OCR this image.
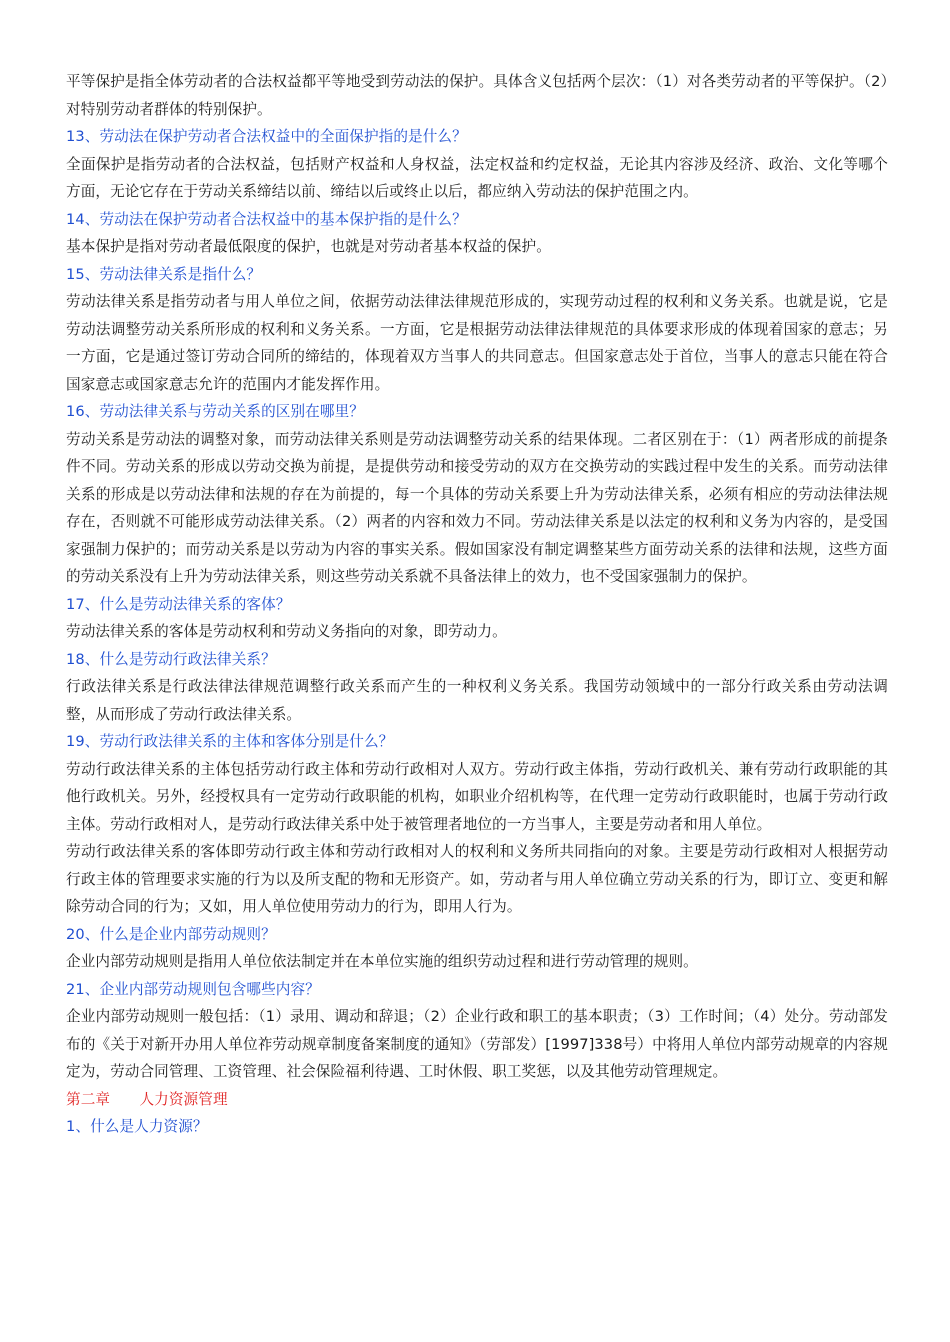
平等保护是指全体劳动者的合法权益都平等地受到劳动法的保护。具体含义包括两个层次：（1）对各类劳动者的平等保护。（2）对特别劳动者群体的特别保护。

13、劳动法在保护劳动者合法权益中的全面保护指的是什么？

全面保护是指劳动者的合法权益，包括财产权益和人身权益，法定权益和约定权益，无论其内容涉及经济、政治、文化等哪个方面，无论它存在于劳动关系缔结以前、缔结以后或终止以后，都应纳入劳动法的保护范围之内。

14、劳动法在保护劳动者合法权益中的基本保护指的是什么？

基本保护是指对劳动者最低限度的保护，也就是对劳动者基本权益的保护。

15、劳动法律关系是指什么？

劳动法律关系是指劳动者与用人单位之间，依据劳动法律法律规范形成的，实现劳动过程的权利和义务关系。也就是说，它是劳动法调整劳动关系所形成的权利和义务关系。一方面，它是根据劳动法律法律规范的具体要求形成的体现着国家的意志；另一方面，它是通过签订劳动合同所的缔结的，体现着双方当事人的共同意志。但国家意志处于首位，当事人的意志只能在符合国家意志或国家意志允许的范围内才能发挥作用。

16、劳动法律关系与劳动关系的区别在哪里？

劳动关系是劳动法的调整对象，而劳动法律关系则是劳动法调整劳动关系的结果体现。二者区别在于：（1）两者形成的前提条件不同。劳动关系的形成以劳动交换为前提，是提供劳动和接受劳动的双方在交换劳动的实践过程中发生的关系。而劳动法律关系的形成是以劳动法律和法规的存在为前提的，每一个具体的劳动关系要上升为劳动法律关系，必须有相应的劳动法律法规存在，否则就不可能形成劳动法律关系。（2）两者的内容和效力不同。劳动法律关系是以法定的权利和义务为内容的，是受国家强制力保护的；而劳动关系是以劳动为内容的事实关系。假如国家没有制定调整某些方面劳动关系的法律和法规，这些方面的劳动关系没有上升为劳动法律关系，则这些劳动关系就不具备法律上的效力，也不受国家强制力的保护。

17、什么是劳动法律关系的客体？

劳动法律关系的客体是劳动权利和劳动义务指向的对象，即劳动力。

18、什么是劳动行政法律关系？

行政法律关系是行政法律法律规范调整行政关系而产生的一种权利义务关系。我国劳动领域中的一部分行政关系由劳动法调整，从而形成了劳动行政法律关系。

19、劳动行政法律关系的主体和客体分别是什么？

劳动行政法律关系的主体包括劳动行政主体和劳动行政相对人双方。劳动行政主体指，劳动行政机关、兼有劳动行政职能的其他行政机关。另外，经授权具有一定劳动行政职能的机构，如职业介绍机构等，在代理一定劳动行政职能时，也属于劳动行政主体。劳动行政相对人，是劳动行政法律关系中处于被管理者地位的一方当事人，主要是劳动者和用人单位。

劳动行政法律关系的客体即劳动行政主体和劳动行政相对人的权利和义务所共同指向的对象。主要是劳动行政相对人根据劳动行政主体的管理要求实施的行为以及所支配的物和无形资产。如，劳动者与用人单位确立劳动关系的行为，即订立、变更和解除劳动合同的行为；又如，用人单位使用劳动力的行为，即用人行为。

20、什么是企业内部劳动规则？

企业内部劳动规则是指用人单位依法制定并在本单位实施的组织劳动过程和进行劳动管理的规则。

21、企业内部劳动规则包含哪些内容？

企业内部劳动规则一般包括：（1）录用、调动和辞退；（2）企业行政和职工的基本职责；（3）工作时间；（4）处分。劳动部发布的《关于对新开办用人单位祚劳动规章制度备案制度的通知》（劳部发）[1997]338号）中将用人单位内部劳动规章的内容规定为，劳动合同管理、工资管理、社会保险福利待遇、工时休假、职工奖惩，以及其他劳动管理规定。

第二章　　人力资源管理

1、什么是人力资源？
